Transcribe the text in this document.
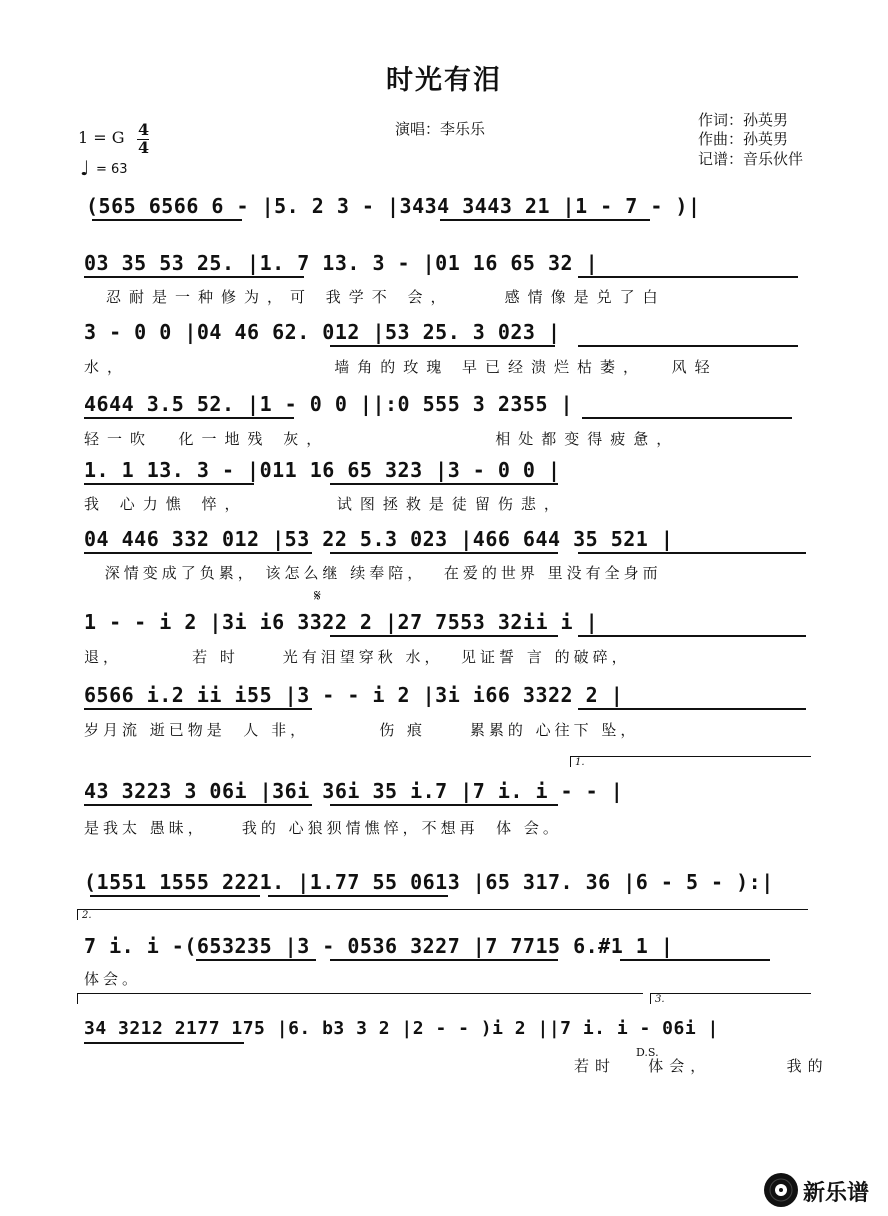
时光有泪
演唱：李乐乐	作词：孙英男
作曲：孙英男
记谱：音乐伙伴
1 = G 4
4
♩ = 63
(565 6566 6 - |5. 2 3 - |3434 3443 21 |1 - 7 - )|
03 35 53 25. |1. 7 13. 3 - |01 16 65 32 |
忍耐是一种修为，可 我学不 会，    感情像是兑了白
3 - 0 0 |04 46 62. 012 |53 25. 3 023 |
水，                墙角的玫瑰 早已经溃烂枯萎，  风轻
4644 3.5 52. |1 - 0 0 ||:0 555 3 2355 |
轻一吹  化一地残 灰，             相处都变得疲惫，
1. 1 13. 3 - |011 16 65 323 |3 - 0 0 |
我 心力憔 悴，       试图拯救是徒留伤悲，
04 446 332 012 |53 22 5.3 023 |466 644 35 521 |
深情变成了负累， 该怎么继 续奉陪，  在爱的世界 里没有全身而
𝄋
1 - - i 2 |3i i6 3322 2 |27 7553 32ii i |
退，        若 时     光有泪望穿秋 水，  见证誓 言 的破碎，
6566 i.2 ii i55 |3 - - i 2 |3i i66 3322 2 |
岁月流 逝已物是  人 非，        伤 痕     累累的 心往下 坠，
1.
43 3223 3 06i |36i 36i 35 i.7 |7 i. i - - |
是我太 愚昧，    我的 心狼狈情憔悴，不想再  体 会。
(1551 1555 2221. |1.77 55 0613 |65 317. 36 |6 - 5 - ):|
2.
7 i. i -(653235 |3 - 0536 3227 |7 7715 6.#1 1 |
体会。
3.
34 3212 2177 175 |6. b3 3 2 |2 - - )i 2 ||7 i. i - 06i |
D.S.
若时   体会，       我的
新乐谱
